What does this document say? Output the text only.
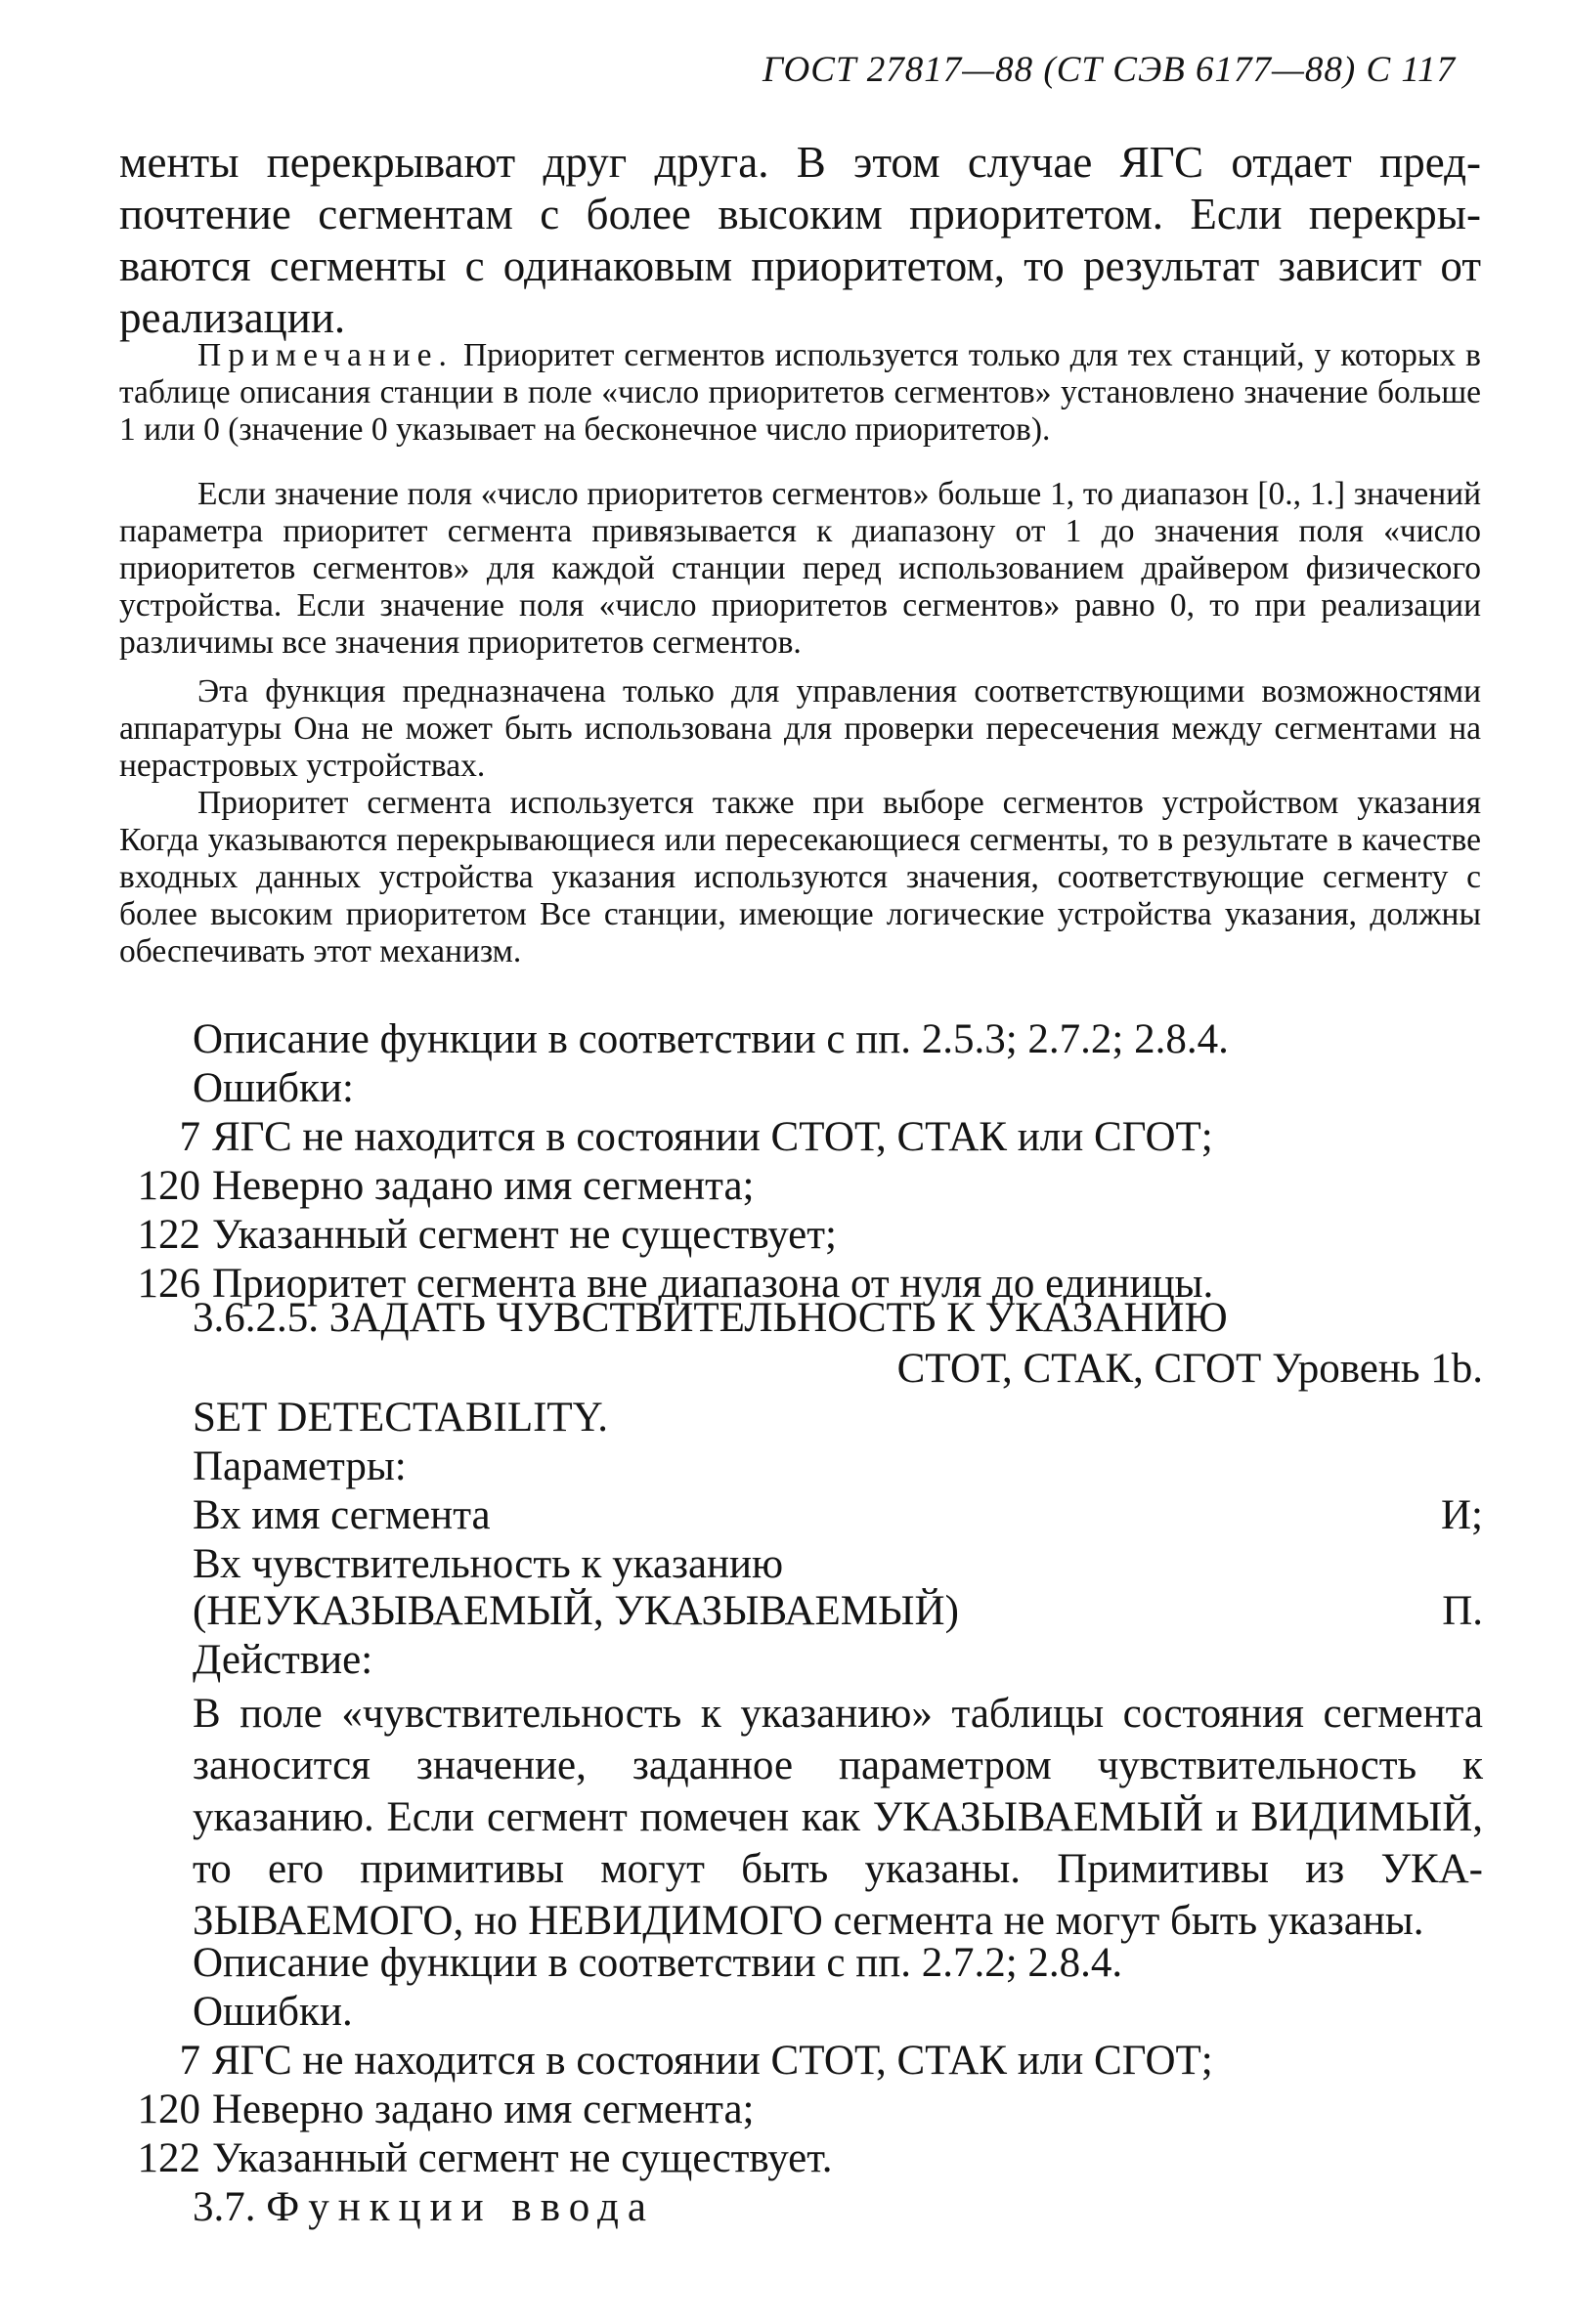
ГОСТ 27817—88 (СТ СЭВ 6177—88) С 117

менты перекрывают друг друга. В этом случае ЯГС отдает предпочтение сегментам с более высоким приоритетом. Если перекрываются сегменты с одинаковым приоритетом, то результат зависит от реализации.

Примечание. Приоритет сегментов используется только для тех станций, у которых в таблице описания станции в поле «число приоритетов сегментов» установлено значение больше 1 или 0 (значение 0 указывает на бесконечное число приоритетов).

Если значение поля «число приоритетов сегментов» больше 1, то диапазон [0., 1.] значений параметра приоритет сегмента привязывается к диапазону от 1 до значения поля «число приоритетов сегментов» для каждой станции перед использованием драйвером физического устройства. Если значение поля «число приоритетов сегментов» равно 0, то при реализации различимы все значения приоритетов сегментов.

Эта функция предназначена только для управления соответствующими возможностями аппаратуры Она не может быть использована для проверки пересечения между сегментами на нерастровых устройствах.

Приоритет сегмента используется также при выборе сегментов устройством указания Когда указываются перекрывающиеся или пересекающиеся сегменты, то в результате в качестве входных данных устройства указания используются значения, соответствующие сегменту с более высоким приоритетом Все станции, имеющие логические устройства указания, должны обеспечивать этот механизм.

Описание функции в соответствии с пп. 2.5.3; 2.7.2; 2.8.4.
Ошибки:
7 ЯГС не находится в состоянии СТОТ, СТАК или СГОТ;
120 Неверно задано имя сегмента;
122 Указанный сегмент не существует;
126 Приоритет сегмента вне диапазона от нуля до единицы.
3.6.2.5. ЗАДАТЬ ЧУВСТВИТЕЛЬНОСТЬ К УКАЗАНИЮ
СТОТ, СТАК, СГОТ Уровень 1b.
SET DETECTABILITY.
Параметры:
Вх имя сегмента	И;
Вх чувствительность к указанию
(НЕУКАЗЫВАЕМЫЙ, УКАЗЫВАЕМЫЙ)	П.
Действие:

В поле «чувствительность к указанию» таблицы состояния сегмента заносится значение, заданное параметром чувствительность к указанию. Если сегмент помечен как УКАЗЫВАЕМЫЙ и ВИДИМЫЙ, то его примитивы могут быть указаны. Примитивы из УКАЗЫВАЕМОГО, но НЕВИДИМОГО сегмента не могут быть указаны.

Описание функции в соответствии с пп. 2.7.2; 2.8.4.
Ошибки.
7 ЯГС не находится в состоянии СТОТ, СТАК или СГОТ;
120 Неверно задано имя сегмента;
122 Указанный сегмент не существует.
3.7. Функции ввода
